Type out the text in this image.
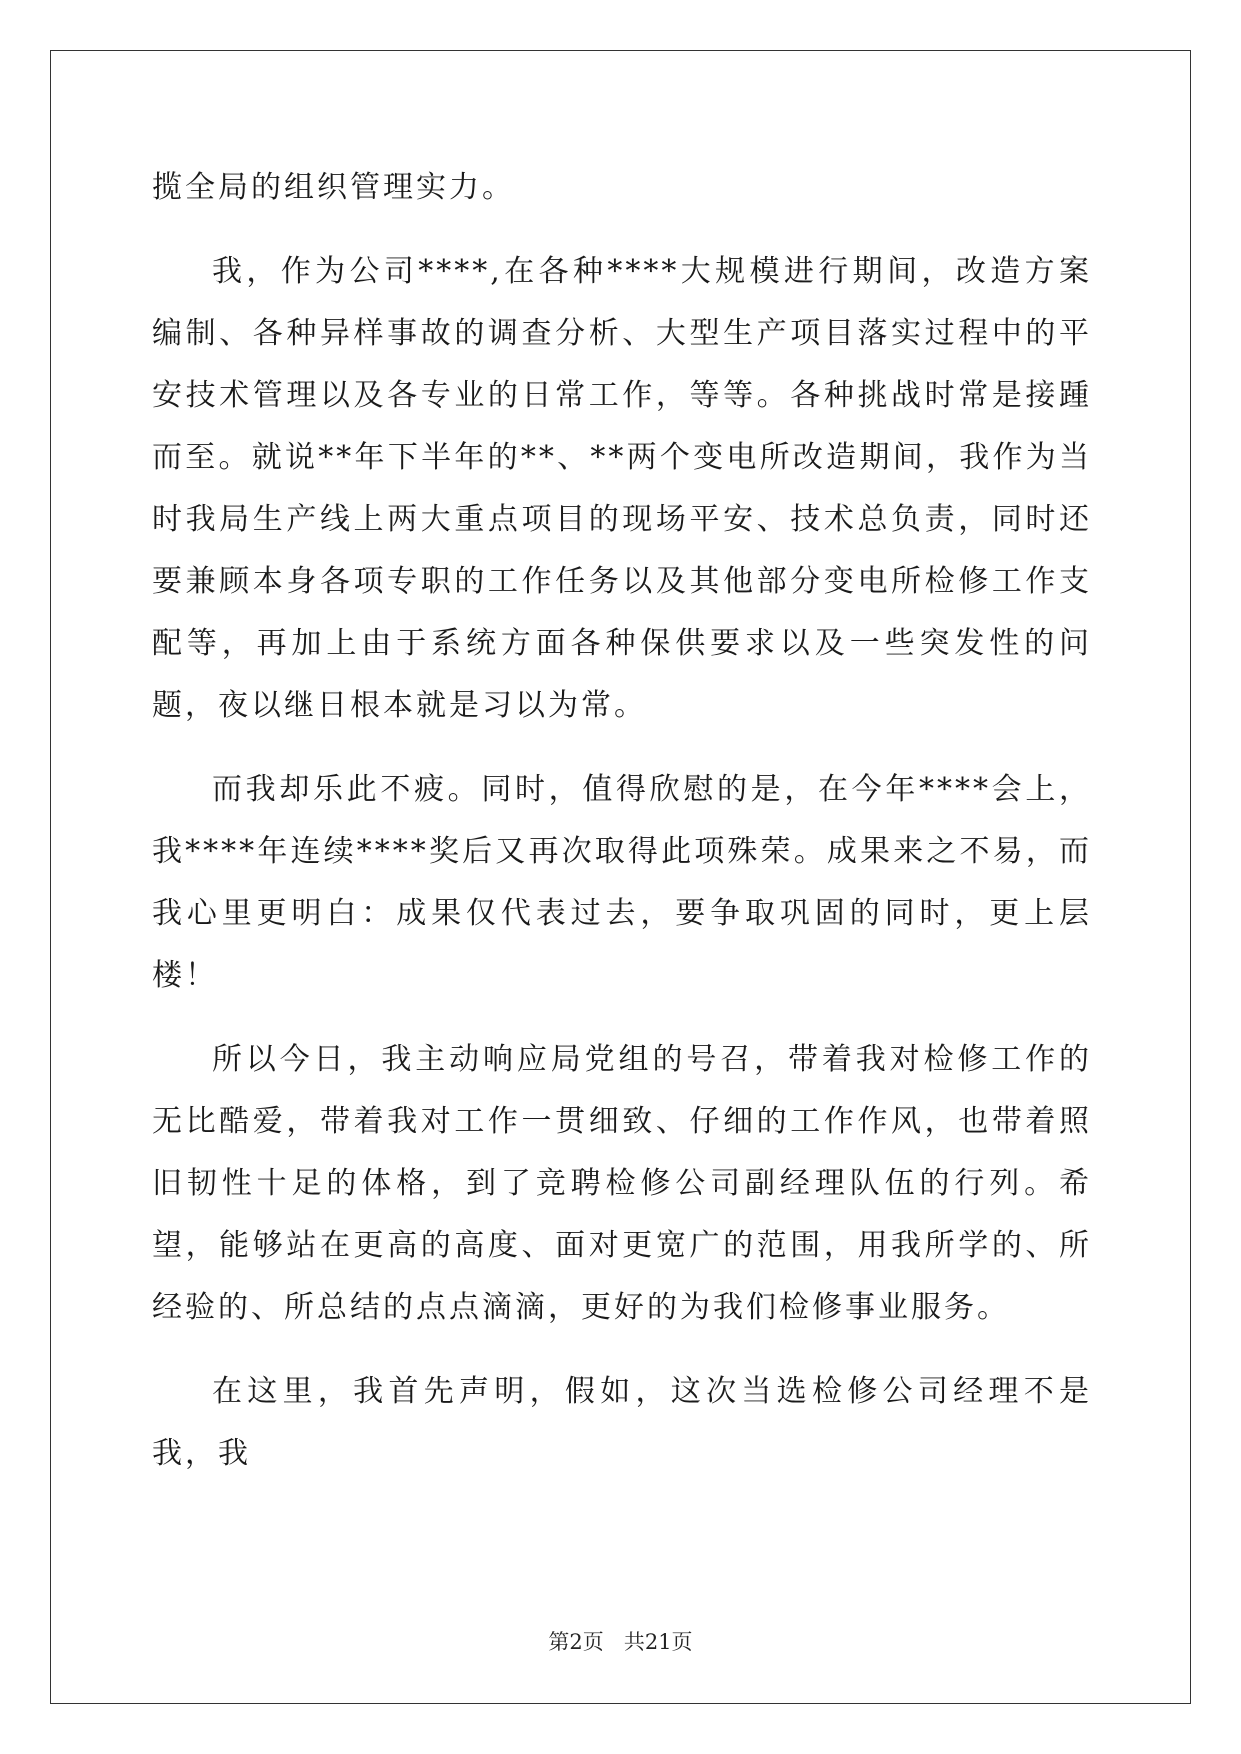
揽全局的组织管理实力。

我，作为公司****,在各种****大规模进行期间，改造方案编制、各种异样事故的调查分析、大型生产项目落实过程中的平安技术管理以及各专业的日常工作，等等。各种挑战时常是接踵而至。就说**年下半年的**、**两个变电所改造期间，我作为当时我局生产线上两大重点项目的现场平安、技术总负责，同时还要兼顾本身各项专职的工作任务以及其他部分变电所检修工作支配等，再加上由于系统方面各种保供要求以及一些突发性的问题，夜以继日根本就是习以为常。

而我却乐此不疲。同时，值得欣慰的是，在今年****会上，我****年连续****奖后又再次取得此项殊荣。成果来之不易，而我心里更明白：成果仅代表过去，要争取巩固的同时，更上层楼！

所以今日，我主动响应局党组的号召，带着我对检修工作的无比酷爱，带着我对工作一贯细致、仔细的工作作风，也带着照旧韧性十足的体格，到了竞聘检修公司副经理队伍的行列。希望，能够站在更高的高度、面对更宽广的范围，用我所学的、所经验的、所总结的点点滴滴，更好的为我们检修事业服务。

在这里，我首先声明，假如，这次当选检修公司经理不是我，我

第2页 共21页
